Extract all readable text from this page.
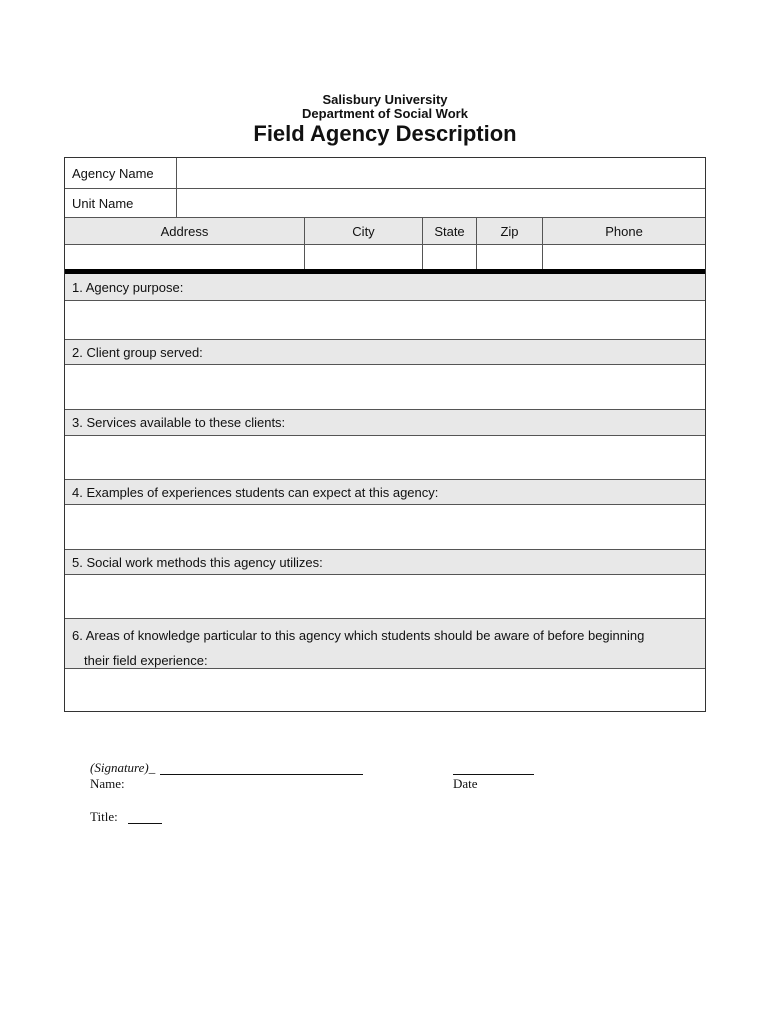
Salisbury University
Department of Social Work
Field Agency Description
Agency Name
Unit Name
Address	City	State	Zip	Phone
1. Agency purpose:
2. Client group served:
3. Services available to these clients:
4. Examples of experiences students can expect at this agency:
5. Social work methods this agency utilizes:
6. Areas of knowledge particular to this agency which students should be aware of before beginning
their field experience:
(Signature)_
Name:	Date
Title:
